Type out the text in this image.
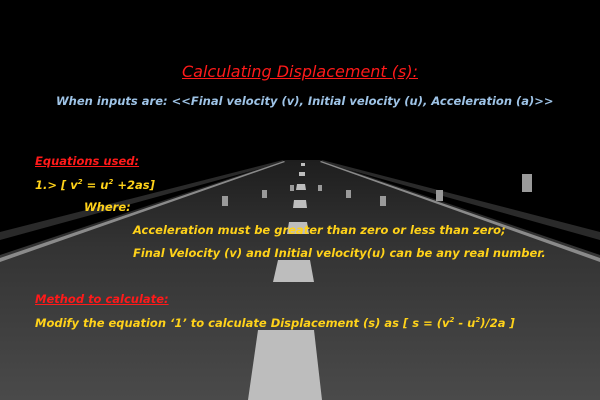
Calculating Displacement (s):

When inputs are: <<Final velocity (v), Initial velocity (u), Acceleration (a)>>

Equations used:

1.> [ $v^2 = u^2 +2as$]

Where:

Acceleration must be greater than zero or less than zero;

Final Velocity (v) and Initial velocity(u) can be any real number.

Method to calculate:

Modify the equation ‘1’ to calculate Displacement (s) as [ $s = (v^2 - u^2)/2a$ ]
